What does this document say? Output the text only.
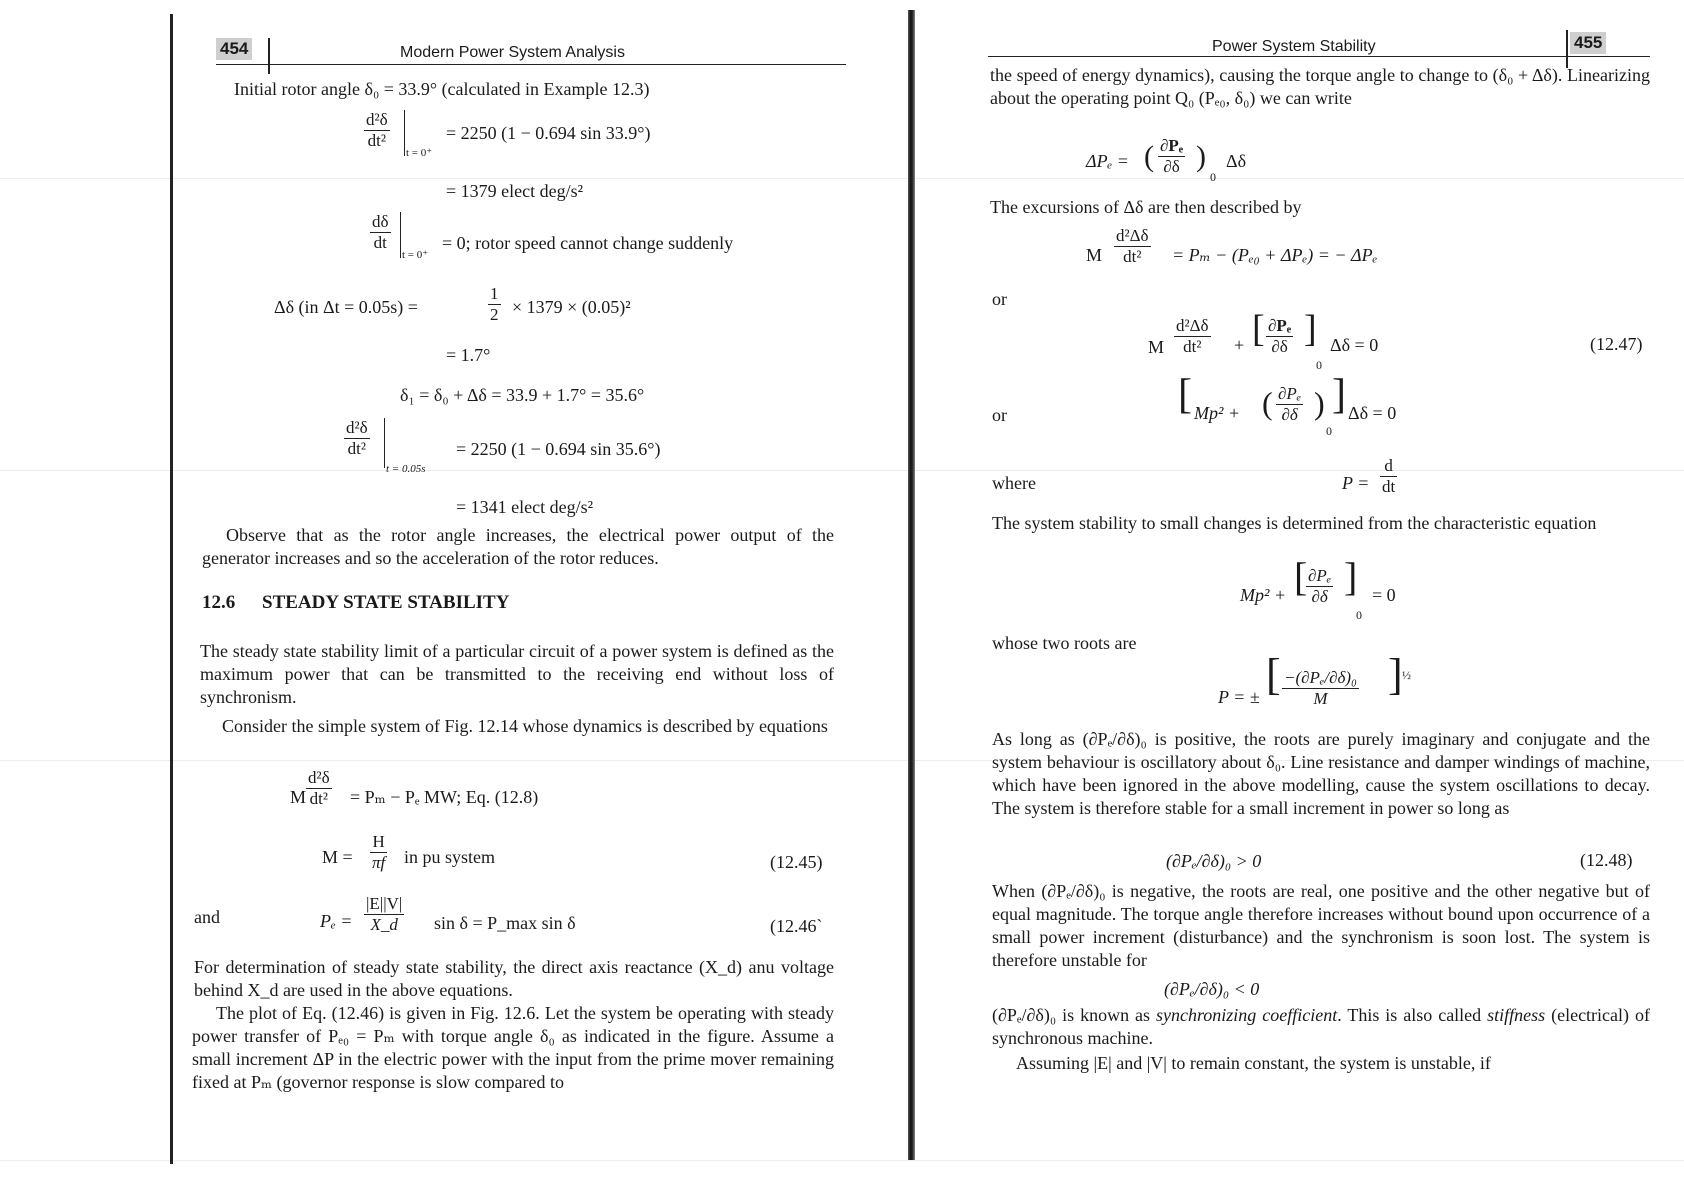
454	Modern Power System Analysis
Initial rotor angle δ₀ = 33.9° (calculated in Example 12.3)
$\frac{\text{d²δ}}{\text{dt²}}$
t = 0⁺
= 2250 (1 − 0.694 sin 33.9°)
= 1379 elect deg/s²
$\frac{d\delta}{dt}$
t = 0⁺
= 0; rotor speed cannot change suddenly
Δδ (in Δt = 0.05s) =	$\frac{1}{2} \times 1379 \times (0.05)^2$
= 1.7°
δ₁ = δ₀ + Δδ = 33.9 + 1.7° = 35.6°
$\frac{\text{d²δ}}{\text{dt²}}$
t = 0.05s
= 2250 (1 − 0.694 sin 35.6°)
= 1341 elect deg/s²
Observe that as the rotor angle increases, the electrical power output of the generator increases and so the acceleration of the rotor reduces.
12.6 STEADY STATE STABILITY
The steady state stability limit of a particular circuit of a power system is defined as the maximum power that can be transmitted to the receiving end without loss of synchronism.
Consider the simple system of Fig. 12.14 whose dynamics is described by equations
M $\frac{\text{d²δ}}{\text{dt²}} = P_m - P_e$ MW; Eq. (12.8)
$M = \frac{H}{\pi f}$ in pu system	(12.45)
and	$P_e = \frac{|E||V|}{X\_d}$ sin δ = P_max sin δ	(12.46`
For determination of steady state stability, the direct axis reactance (X_d) anu voltage behind X_d are used in the above equations.
The plot of Eq. (12.46) is given in Fig. 12.6. Let the system be operating with steady power transfer of Pₑ₀ = Pₘ with torque angle δ₀ as indicated in the figure. Assume a small increment ΔP in the electric power with the input from the prime mover remaining fixed at Pₘ (governor response is slow compared to
Power System Stability	455
the speed of energy dynamics), causing the torque angle to change to (δ₀ + Δδ). Linearizing about the operating point Q₀ (Pₑ₀, δ₀) we can write
ΔPₑ = ( $\frac{\text{∂Pₑ}}{\partial\delta}$ )
0
Δδ
The excursions of Δδ are then described by
M $\frac{\text{d²Δδ}}{\text{dt²}} = P_m - (P_{e0} + \Delta P_e)$ = − ΔPₑ
or
M $\frac{\text{d²Δδ}}{\text{dt²}}$ + [ $\frac{\text{∂Pₑ}}{\partial\delta}$ ]
0
Δδ = 0	(12.47)
or	[ Mp² + ( $\frac{\text{∂Pₑ}}{\partial\delta}$ )
0
] Δδ = 0
where	$P = \frac{d}{dt}$
The system stability to small changes is determined from the characteristic equation
Mp² + [
$\frac{\text{∂Pₑ}}{\partial\delta}$ ]
0
= 0
whose two roots are
P = ± [ $\frac{\text{−(∂Pₑ/∂δ)₀}}{M}$ ] ½
As long as (∂Pₑ/∂δ)₀ is positive, the roots are purely imaginary and conjugate and the system behaviour is oscillatory about δ₀. Line resistance and damper windings of machine, which have been ignored in the above modelling, cause the system oscillations to decay. The system is therefore stable for a small increment in power so long as
(∂Pₑ/∂δ)₀ > 0	(12.48)
When (∂Pₑ/∂δ)₀ is negative, the roots are real, one positive and the other negative but of equal magnitude. The torque angle therefore increases without bound upon occurrence of a small power increment (disturbance) and the synchronism is soon lost. The system is therefore unstable for
(∂Pₑ/∂δ)₀ < 0
(∂Pₑ/∂δ)₀ is known as synchronizing coefficient. This is also called stiffness (electrical) of synchronous machine.
Assuming |E| and |V| to remain constant, the system is unstable, if
